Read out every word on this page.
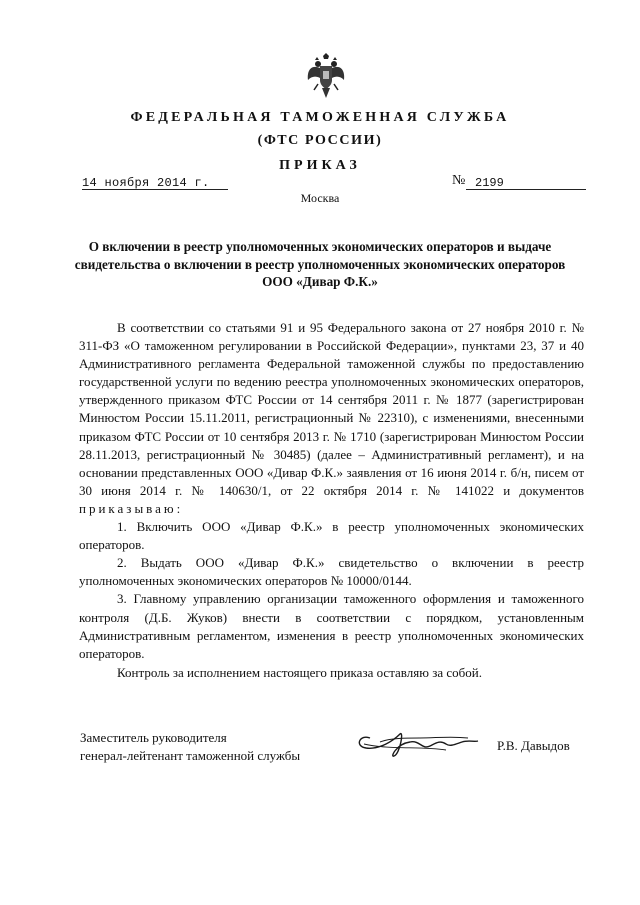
ФЕДЕРАЛЬНАЯ ТАМОЖЕННАЯ СЛУЖБА
(ФТС РОССИИ)
ПРИКАЗ
14 ноября 2014 г.	№ 2199
Москва
О включении в реестр уполномоченных экономических операторов и выдаче свидетельства о включении в реестр уполномоченных экономических операторов ООО «Дивар Ф.К.»

В соответствии со статьями 91 и 95 Федерального закона от 27 ноября 2010 г. № 311-ФЗ «О таможенном регулировании в Российской Федерации», пунктами 23, 37 и 40 Административного регламента Федеральной таможенной службы по предоставлению государственной услуги по ведению реестра уполномоченных экономических операторов, утвержденного приказом ФТС России от 14 сентября 2011 г. № 1877 (зарегистрирован Минюстом России 15.11.2011, регистрационный № 22310), с изменениями, внесенными приказом ФТС России от 10 сентября 2013 г. № 1710 (зарегистрирован Минюстом России 28.11.2013, регистрационный № 30485) (далее – Административный регламент), и на основании представленных ООО «Дивар Ф.К.» заявления от 16 июня 2014 г. б/н, писем от 30 июня 2014 г. № 140630/1, от 22 октября 2014 г. № 141022 и документов приказываю:

1. Включить ООО «Дивар Ф.К.» в реестр уполномоченных экономических операторов.

2. Выдать ООО «Дивар Ф.К.» свидетельство о включении в реестр уполномоченных экономических операторов № 10000/0144.

3. Главному управлению организации таможенного оформления и таможенного контроля (Д.Б. Жуков) внести в соответствии с порядком, установленным Административным регламентом, изменения в реестр уполномоченных экономических операторов.

Контроль за исполнением настоящего приказа оставляю за собой.
Заместитель руководителя
генерал-лейтенант таможенной службы
Р.В. Давыдов
